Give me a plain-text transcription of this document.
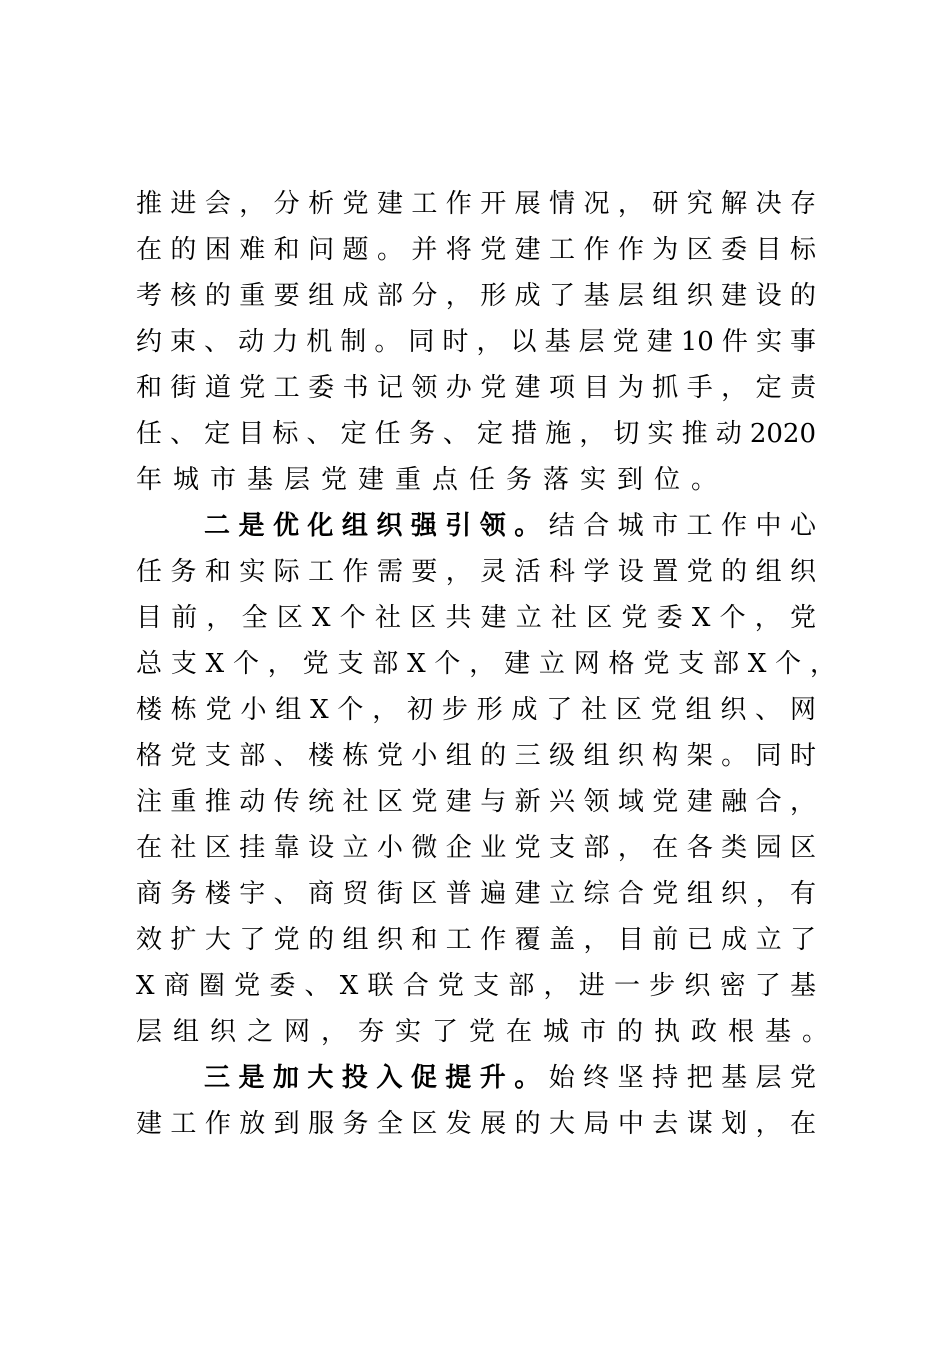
推进会，分析党建工作开展情况，研究解决存
在的困难和问题。并将党建工作作为区委目标
考核的重要组成部分，形成了基层组织建设的
约束、动力机制。同时，以基层党建10件实事
和街道党工委书记领办党建项目为抓手，定责
任、定目标、定任务、定措施，切实推动2020
年城市基层党建重点任务落实到位。
二是优化组织强引领。结合城市工作中心
任务和实际工作需要，灵活科学设置党的组织
目前，全区X个社区共建立社区党委X个，党
总支X个，党支部X个，建立网格党支部X个，
楼栋党小组X个，初步形成了社区党组织、网
格党支部、楼栋党小组的三级组织构架。同时
注重推动传统社区党建与新兴领域党建融合，
在社区挂靠设立小微企业党支部，在各类园区
商务楼宇、商贸街区普遍建立综合党组织，有
效扩大了党的组织和工作覆盖，目前已成立了
X商圈党委、X联合党支部，进一步织密了基
层组织之网，夯实了党在城市的执政根基。
三是加大投入促提升。始终坚持把基层党
建工作放到服务全区发展的大局中去谋划，在
